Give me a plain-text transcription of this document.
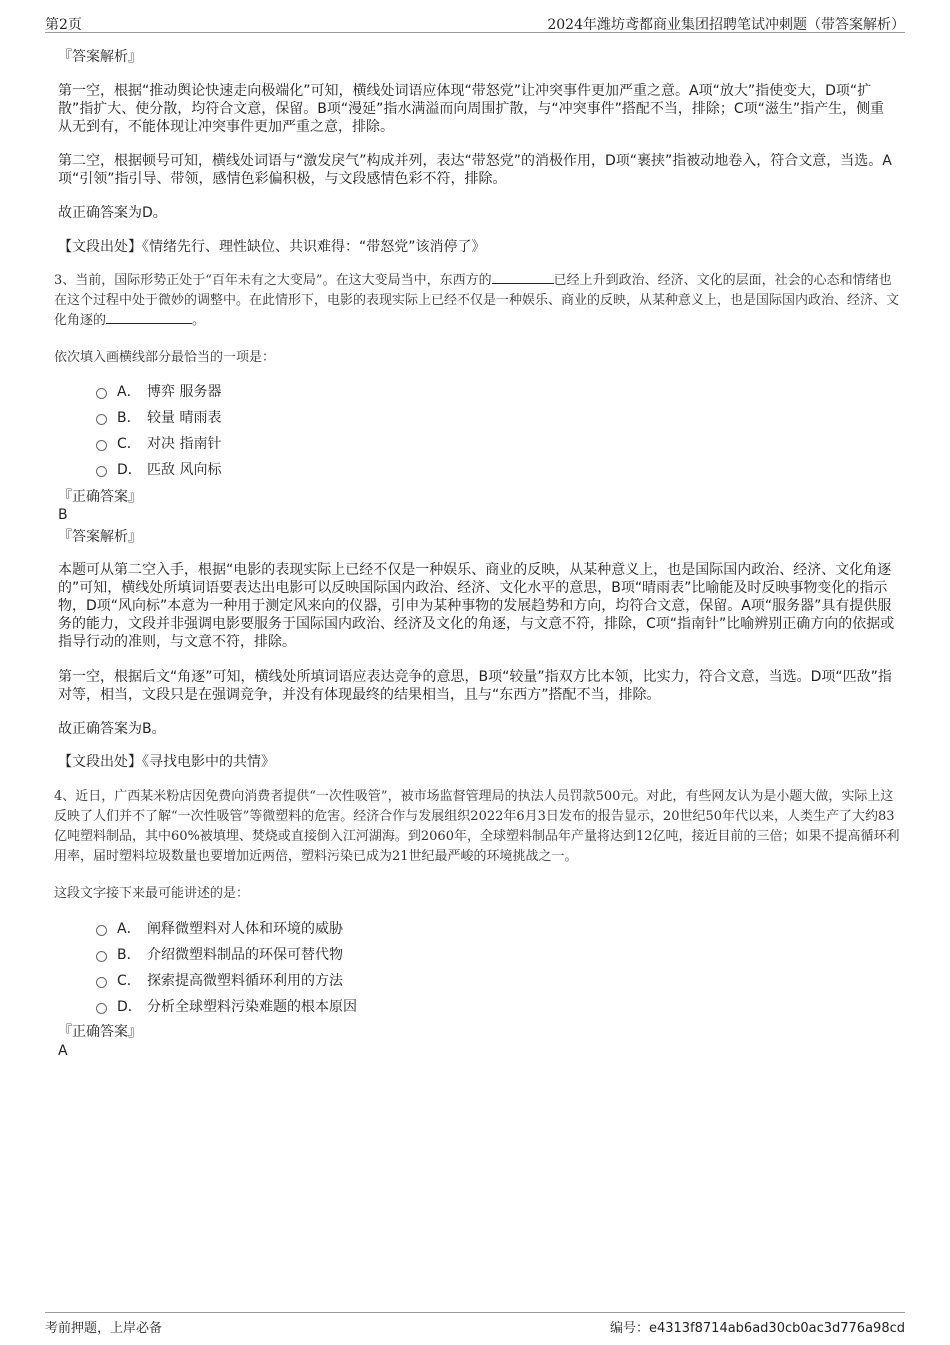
第2页	2024年潍坊鸢都商业集团招聘笔试冲刺题（带答案解析）
『答案解析』
第一空，根据“推动舆论快速走向极端化”可知，横线处词语应体现“带怒党”让冲突事件更加严重之意。A项“放大”指使变大，D项“扩散”指扩大、使分散，均符合文意，保留。B项“漫延”指水满溢而向周围扩散，与“冲突事件”搭配不当，排除；C项“滋生”指产生，侧重从无到有，不能体现让冲突事件更加严重之意，排除。
第二空，根据顿号可知，横线处词语与“激发戾气”构成并列，表达“带怒党”的消极作用，D项“裹挟”指被动地卷入，符合文意，当选。A项“引领”指引导、带领，感情色彩偏积极，与文段感情色彩不符，排除。
故正确答案为D。
【文段出处】《情绪先行、理性缺位、共识难得：“带怒党”该消停了》
3、当前，国际形势正处于“百年未有之大变局”。在这大变局当中，东西方的	已经上升到政治、经济、文化的层面，社会的心态和情绪也在这个过程中处于微妙的调整中。在此情形下，电影的表现实际上已经不仅是一种娱乐、商业的反映，从某种意义上，也是国际国内政治、经济、文化角逐的	。
依次填入画横线部分最恰当的一项是：
A． 博弈 服务器
B． 较量 晴雨表
C． 对决 指南针
D． 匹敌 风向标
『正确答案』
B
『答案解析』
本题可从第二空入手，根据“电影的表现实际上已经不仅是一种娱乐、商业的反映，从某种意义上，也是国际国内政治、经济、文化角逐的”可知，横线处所填词语要表达出电影可以反映国际国内政治、经济、文化水平的意思，B项“晴雨表”比喻能及时反映事物变化的指示物，D项“风向标”本意为一种用于测定风来向的仪器，引申为某种事物的发展趋势和方向，均符合文意，保留。A项“服务器”具有提供服务的能力，文段并非强调电影要服务于国际国内政治、经济及文化的角逐，与文意不符，排除，C项“指南针”比喻辨别正确方向的依据或指导行动的准则，与文意不符，排除。
第一空，根据后文“角逐”可知，横线处所填词语应表达竞争的意思，B项“较量”指双方比本领，比实力，符合文意，当选。D项“匹敌”指对等，相当，文段只是在强调竞争，并没有体现最终的结果相当，且与“东西方”搭配不当，排除。
故正确答案为B。
【文段出处】《寻找电影中的共情》
4、近日，广西某米粉店因免费向消费者提供“一次性吸管”，被市场监督管理局的执法人员罚款500元。对此，有些网友认为是小题大做，实际上这反映了人们并不了解“一次性吸管”等微塑料的危害。经济合作与发展组织2022年6月3日发布的报告显示，20世纪50年代以来，人类生产了大约83亿吨塑料制品，其中60%被填埋、焚烧或直接倒入江河湖海。到2060年，全球塑料制品年产量将达到12亿吨，接近目前的三倍；如果不提高循环利用率，届时塑料垃圾数量也要增加近两倍，塑料污染已成为21世纪最严峻的环境挑战之一。
这段文字接下来最可能讲述的是：
A． 阐释微塑料对人体和环境的威胁
B． 介绍微塑料制品的环保可替代物
C． 探索提高微塑料循环利用的方法
D． 分析全球塑料污染难题的根本原因
『正确答案』
A
考前押题，上岸必备	编号：e4313f8714ab6ad30cb0ac3d776a98cd
